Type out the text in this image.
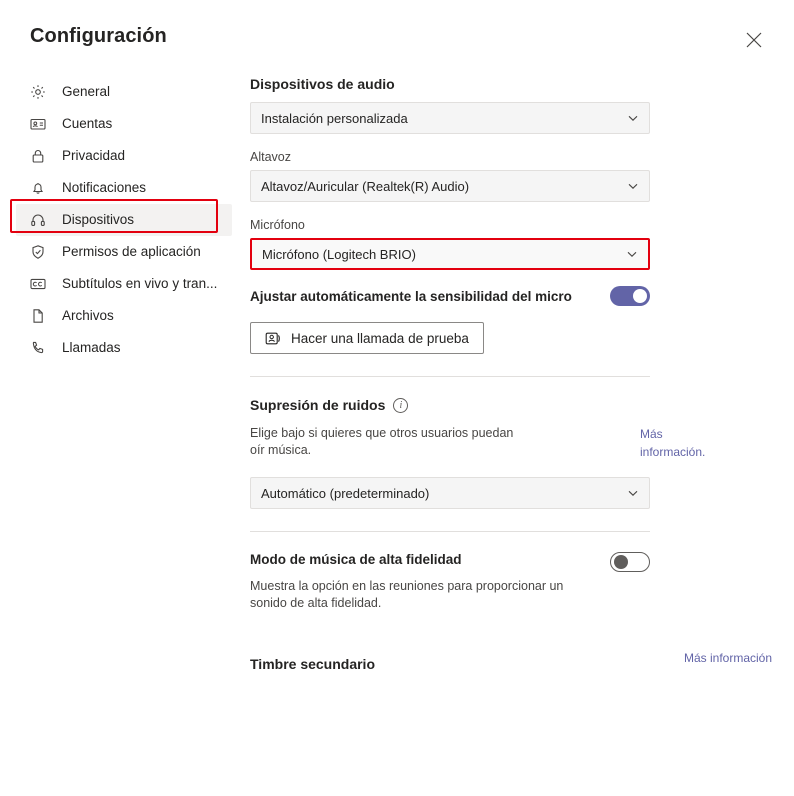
Configuración
General
Cuentas
Privacidad
Notificaciones
Dispositivos
Permisos de aplicación
Subtítulos en vivo y tran...
Archivos
Llamadas
Dispositivos de audio
Instalación personalizada
Altavoz
Altavoz/Auricular (Realtek(R) Audio)
Micrófono
Micrófono (Logitech BRIO)
Ajustar automáticamente la sensibilidad del micro
Hacer una llamada de prueba
Supresión de ruidos	i
Elige bajo si quieres que otros usuarios puedan oír música.
Más información.
Automático (predeterminado)
Modo de música de alta fidelidad
Muestra la opción en las reuniones para proporcionar un sonido de alta fidelidad.
Timbre secundario	Más información
